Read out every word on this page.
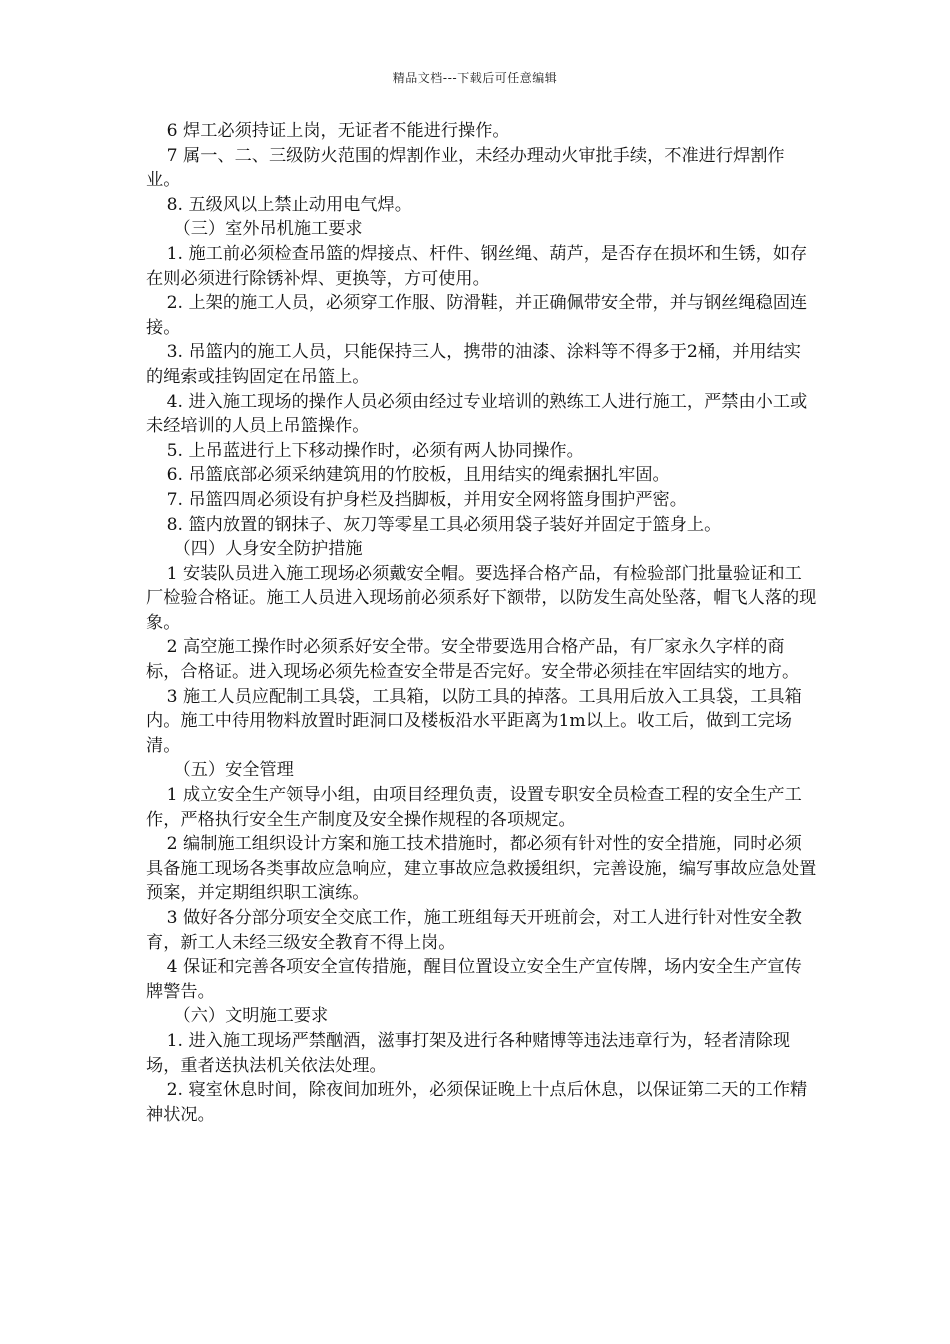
精品文档---下载后可任意编辑

6 焊工必须持证上岗，无证者不能进行操作。

7 属一、二、三级防火范围的焊割作业，未经办理动火审批手续，不准进行焊割作业。

8. 五级风以上禁止动用电气焊。

（三）室外吊机施工要求

1. 施工前必须检查吊篮的焊接点、杆件、钢丝绳、葫芦，是否存在损坏和生锈，如存在则必须进行除锈补焊、更换等，方可使用。

2. 上架的施工人员，必须穿工作服、防滑鞋，并正确佩带安全带，并与钢丝绳稳固连接。

3. 吊篮内的施工人员，只能保持三人，携带的油漆、涂料等不得多于2桶，并用结实的绳索或挂钩固定在吊篮上。

4. 进入施工现场的操作人员必须由经过专业培训的熟练工人进行施工，严禁由小工或未经培训的人员上吊篮操作。

5. 上吊蓝进行上下移动操作时，必须有两人协同操作。

6. 吊篮底部必须采纳建筑用的竹胶板，且用结实的绳索捆扎牢固。

7. 吊篮四周必须设有护身栏及挡脚板，并用安全网将篮身围护严密。

8. 篮内放置的钢抹子、灰刀等零星工具必须用袋子装好并固定于篮身上。

（四）人身安全防护措施

1 安装队员进入施工现场必须戴安全帽。要选择合格产品，有检验部门批量验证和工厂检验合格证。施工人员进入现场前必须系好下额带，以防发生高处坠落，帽飞人落的现象。

2 高空施工操作时必须系好安全带。安全带要选用合格产品，有厂家永久字样的商标，合格证。进入现场必须先检查安全带是否完好。安全带必须挂在牢固结实的地方。

3 施工人员应配制工具袋，工具箱，以防工具的掉落。工具用后放入工具袋，工具箱内。施工中待用物料放置时距洞口及楼板沿水平距离为1m以上。收工后，做到工完场清。

（五）安全管理

1 成立安全生产领导小组，由项目经理负责，设置专职安全员检查工程的安全生产工作，严格执行安全生产制度及安全操作规程的各项规定。

2 编制施工组织设计方案和施工技术措施时，都必须有针对性的安全措施，同时必须具备施工现场各类事故应急响应，建立事故应急救援组织，完善设施，编写事故应急处置预案，并定期组织职工演练。

3 做好各分部分项安全交底工作，施工班组每天开班前会，对工人进行针对性安全教育，新工人未经三级安全教育不得上岗。

4 保证和完善各项安全宣传措施，醒目位置设立安全生产宣传牌，场内安全生产宣传牌警告。

（六）文明施工要求

1. 进入施工现场严禁酗酒，滋事打架及进行各种赌博等违法违章行为，轻者清除现场，重者送执法机关依法处理。

2. 寝室休息时间，除夜间加班外，必须保证晚上十点后休息，以保证第二天的工作精神状况。
